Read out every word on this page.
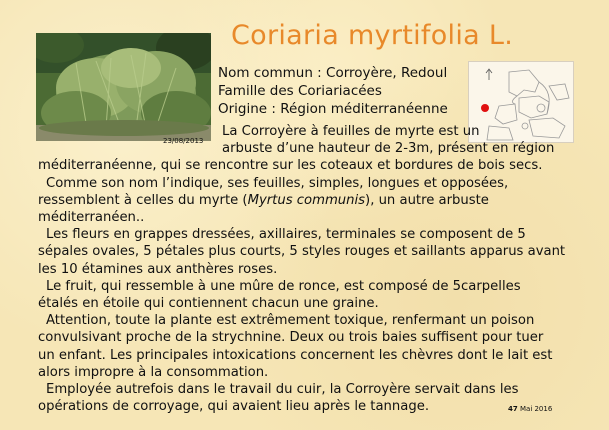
23/08/2013
Coriaria myrtifolia L.
Nom commun : Corroyère, Redoul
Famille des Coriariacées
Origine : Région méditerranéenne
La Corroyère à feuilles de myrte est un
arbuste d’une hauteur de 2-3m, présent en région
méditerranéenne, qui se rencontre sur les coteaux et bordures de bois secs.
Comme son nom l’indique, ses feuilles, simples, longues et opposées,
ressemblent à celles du myrte (Myrtus communis), un autre arbuste
méditerranéen..
Les fleurs en grappes dressées, axillaires, terminales se composent de 5
sépales ovales, 5 pétales plus courts, 5 styles rouges et saillants apparus avant
les 10 étamines aux anthères roses.
Le fruit, qui ressemble à une mûre de ronce, est composé de 5carpelles
étalés en étoile qui contiennent chacun une graine.
Attention, toute la plante est extrêmement toxique, renfermant un poison
convulsivant proche de la strychnine. Deux ou trois baies suffisent pour tuer
un enfant. Les principales intoxications concernent les chèvres dont le lait est
alors impropre à la consommation.
Employée autrefois dans le travail du cuir, la Corroyère servait dans les
opérations de corroyage, qui avaient lieu après le tannage.	47 Mai 2016
